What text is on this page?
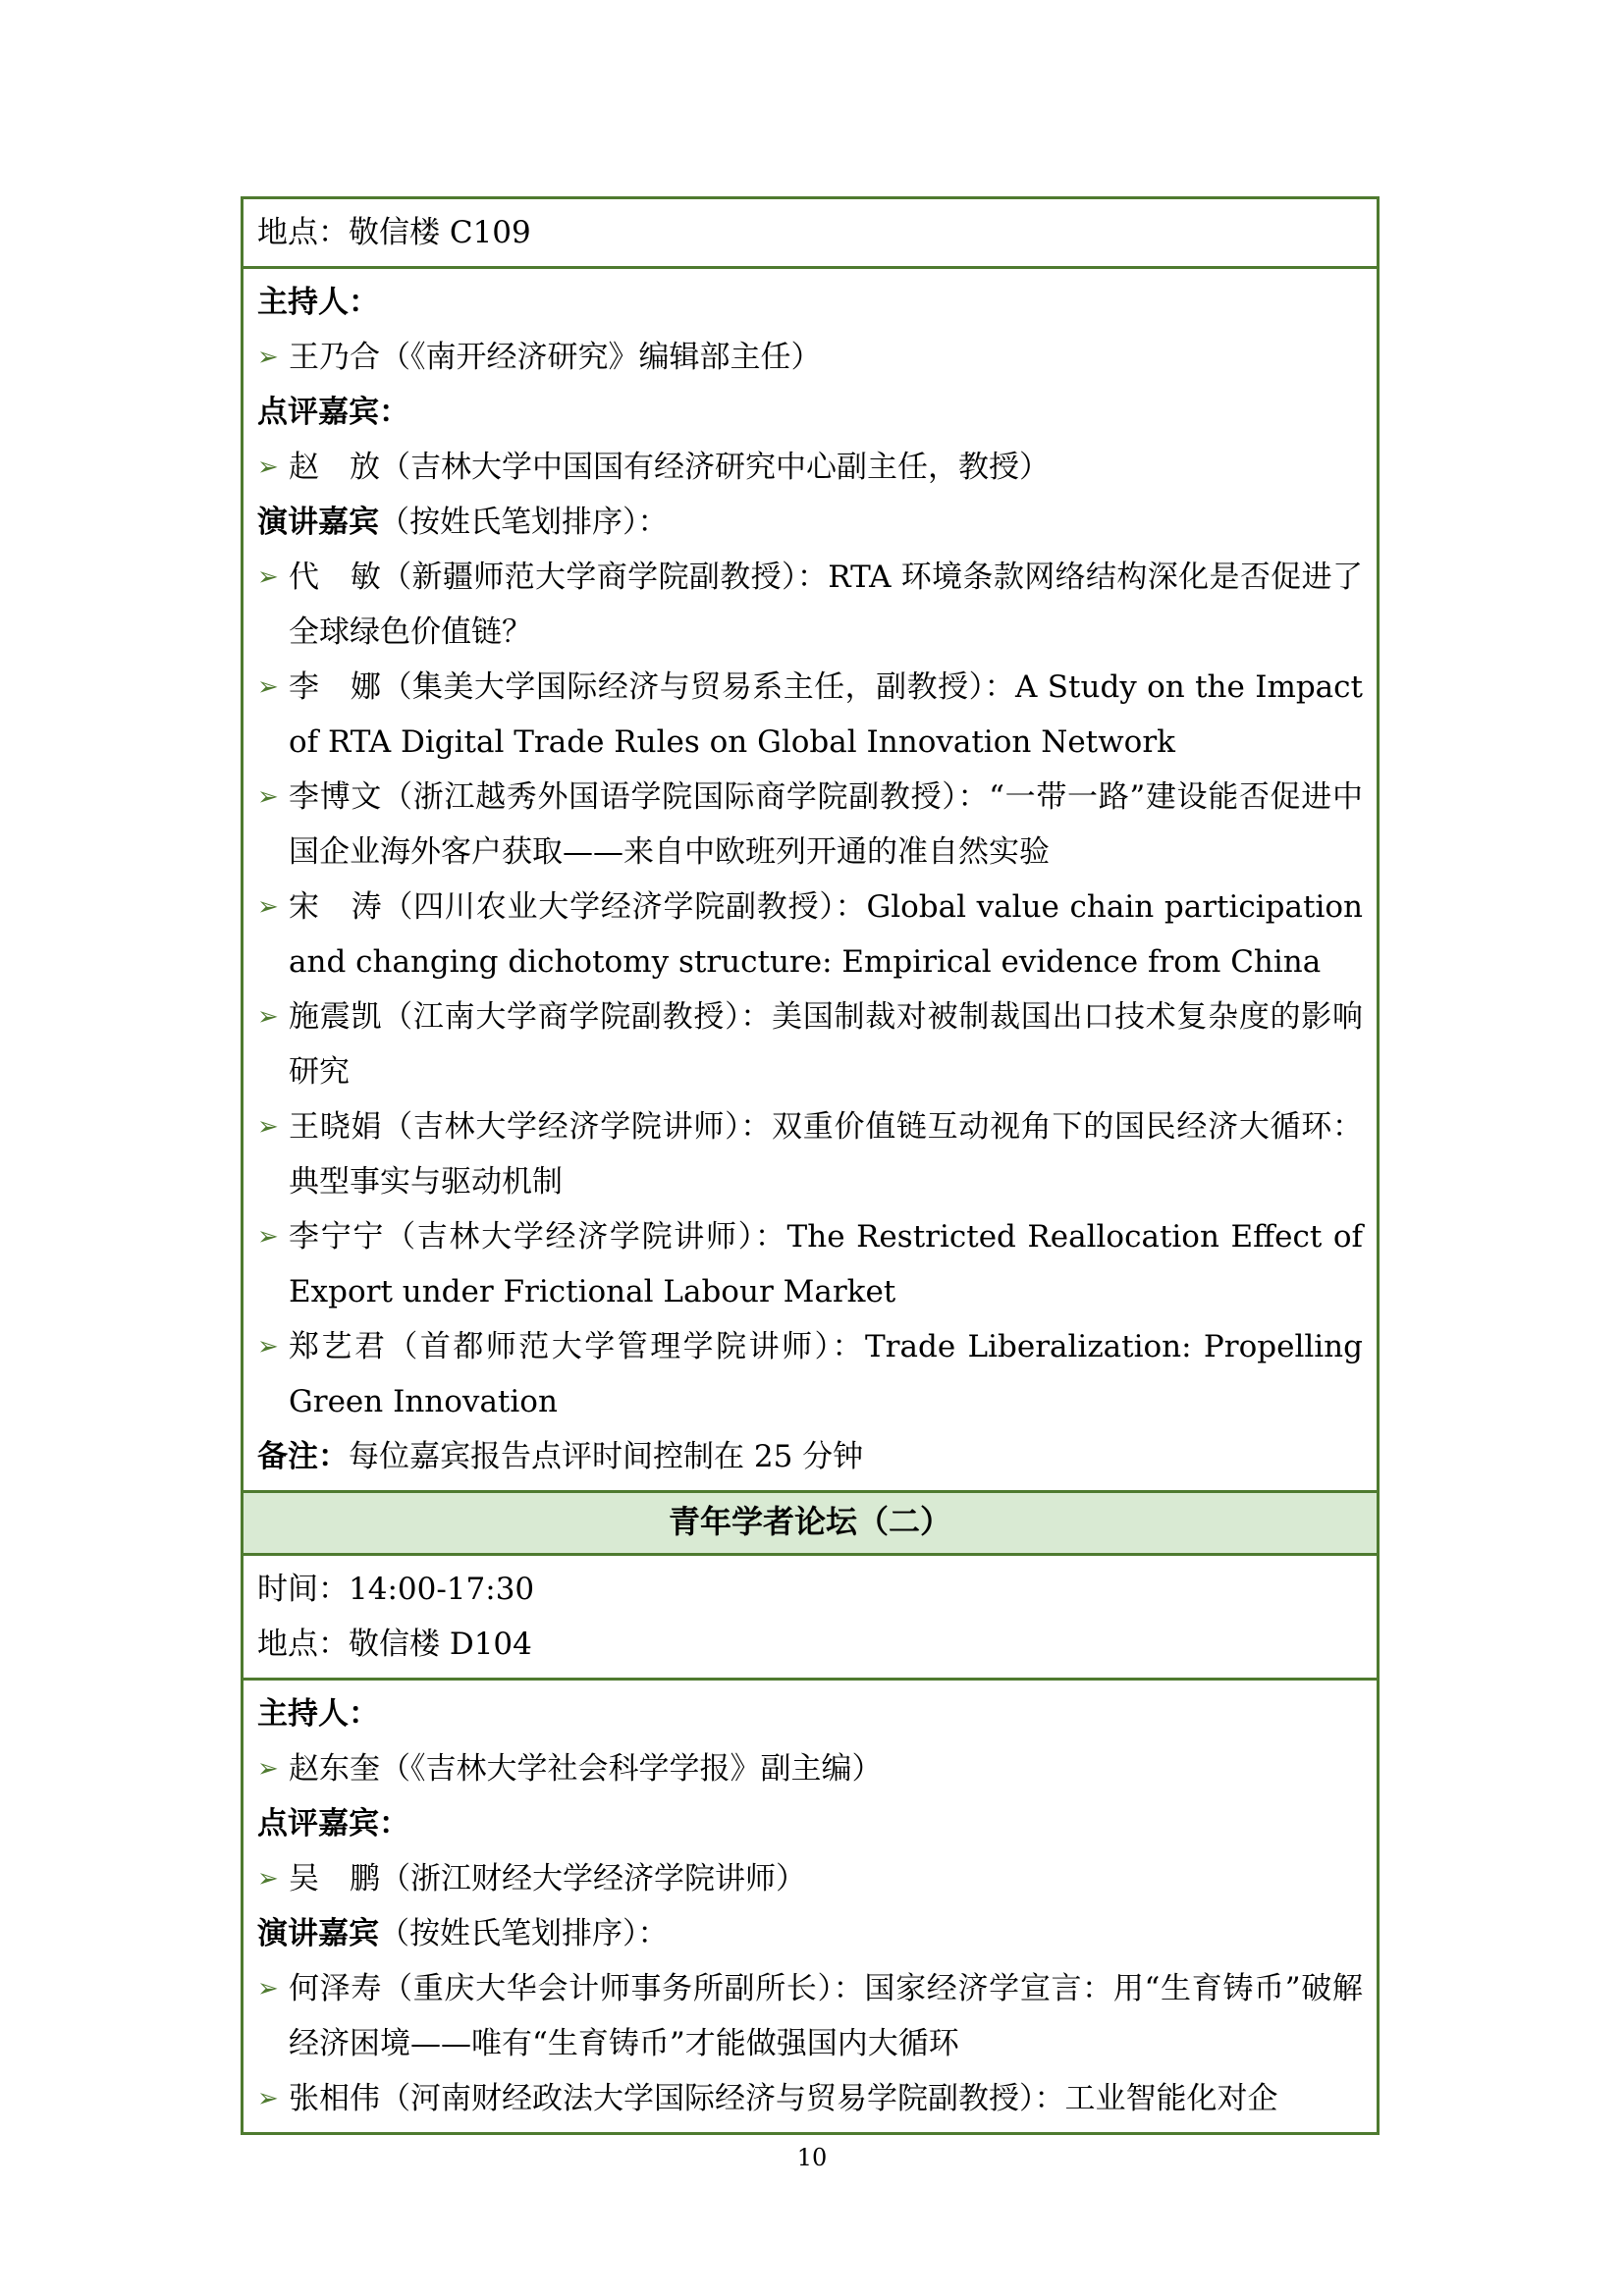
地点：敬信楼 C109
主持人：
➢ 王乃合（《南开经济研究》编辑部主任）
点评嘉宾：
➢ 赵　放（吉林大学中国国有经济研究中心副主任，教授）
演讲嘉宾（按姓氏笔划排序）：
➢ 代　敏（新疆师范大学商学院副教授）：RTA 环境条款网络结构深化是否促进了全球绿色价值链？
➢ 李　娜（集美大学国际经济与贸易系主任，副教授）：A Study on the Impact of RTA Digital Trade Rules on Global Innovation Network
➢ 李博文（浙江越秀外国语学院国际商学院副教授）：“一带一路”建设能否促进中国企业海外客户获取——来自中欧班列开通的准自然实验
➢ 宋　涛（四川农业大学经济学院副教授）：Global value chain participation and changing dichotomy structure: Empirical evidence from China
➢ 施震凯（江南大学商学院副教授）：美国制裁对被制裁国出口技术复杂度的影响研究
➢ 王晓娟（吉林大学经济学院讲师）：双重价值链互动视角下的国民经济大循环：典型事实与驱动机制
➢ 李宁宁（吉林大学经济学院讲师）：The Restricted Reallocation Effect of Export under Frictional Labour Market
➢ 郑艺君（首都师范大学管理学院讲师）：Trade Liberalization: Propelling Green Innovation
备注：每位嘉宾报告点评时间控制在 25 分钟
青年学者论坛（二）
时间：14:00-17:30
地点：敬信楼 D104
主持人：
➢ 赵东奎（《吉林大学社会科学学报》副主编）
点评嘉宾：
➢ 吴　鹏（浙江财经大学经济学院讲师）
演讲嘉宾（按姓氏笔划排序）：
➢ 何泽寿（重庆大华会计师事务所副所长）：国家经济学宣言：用“生育铸币”破解经济困境——唯有“生育铸币”才能做强国内大循环
➢ 张相伟（河南财经政法大学国际经济与贸易学院副教授）：工业智能化对企
10
